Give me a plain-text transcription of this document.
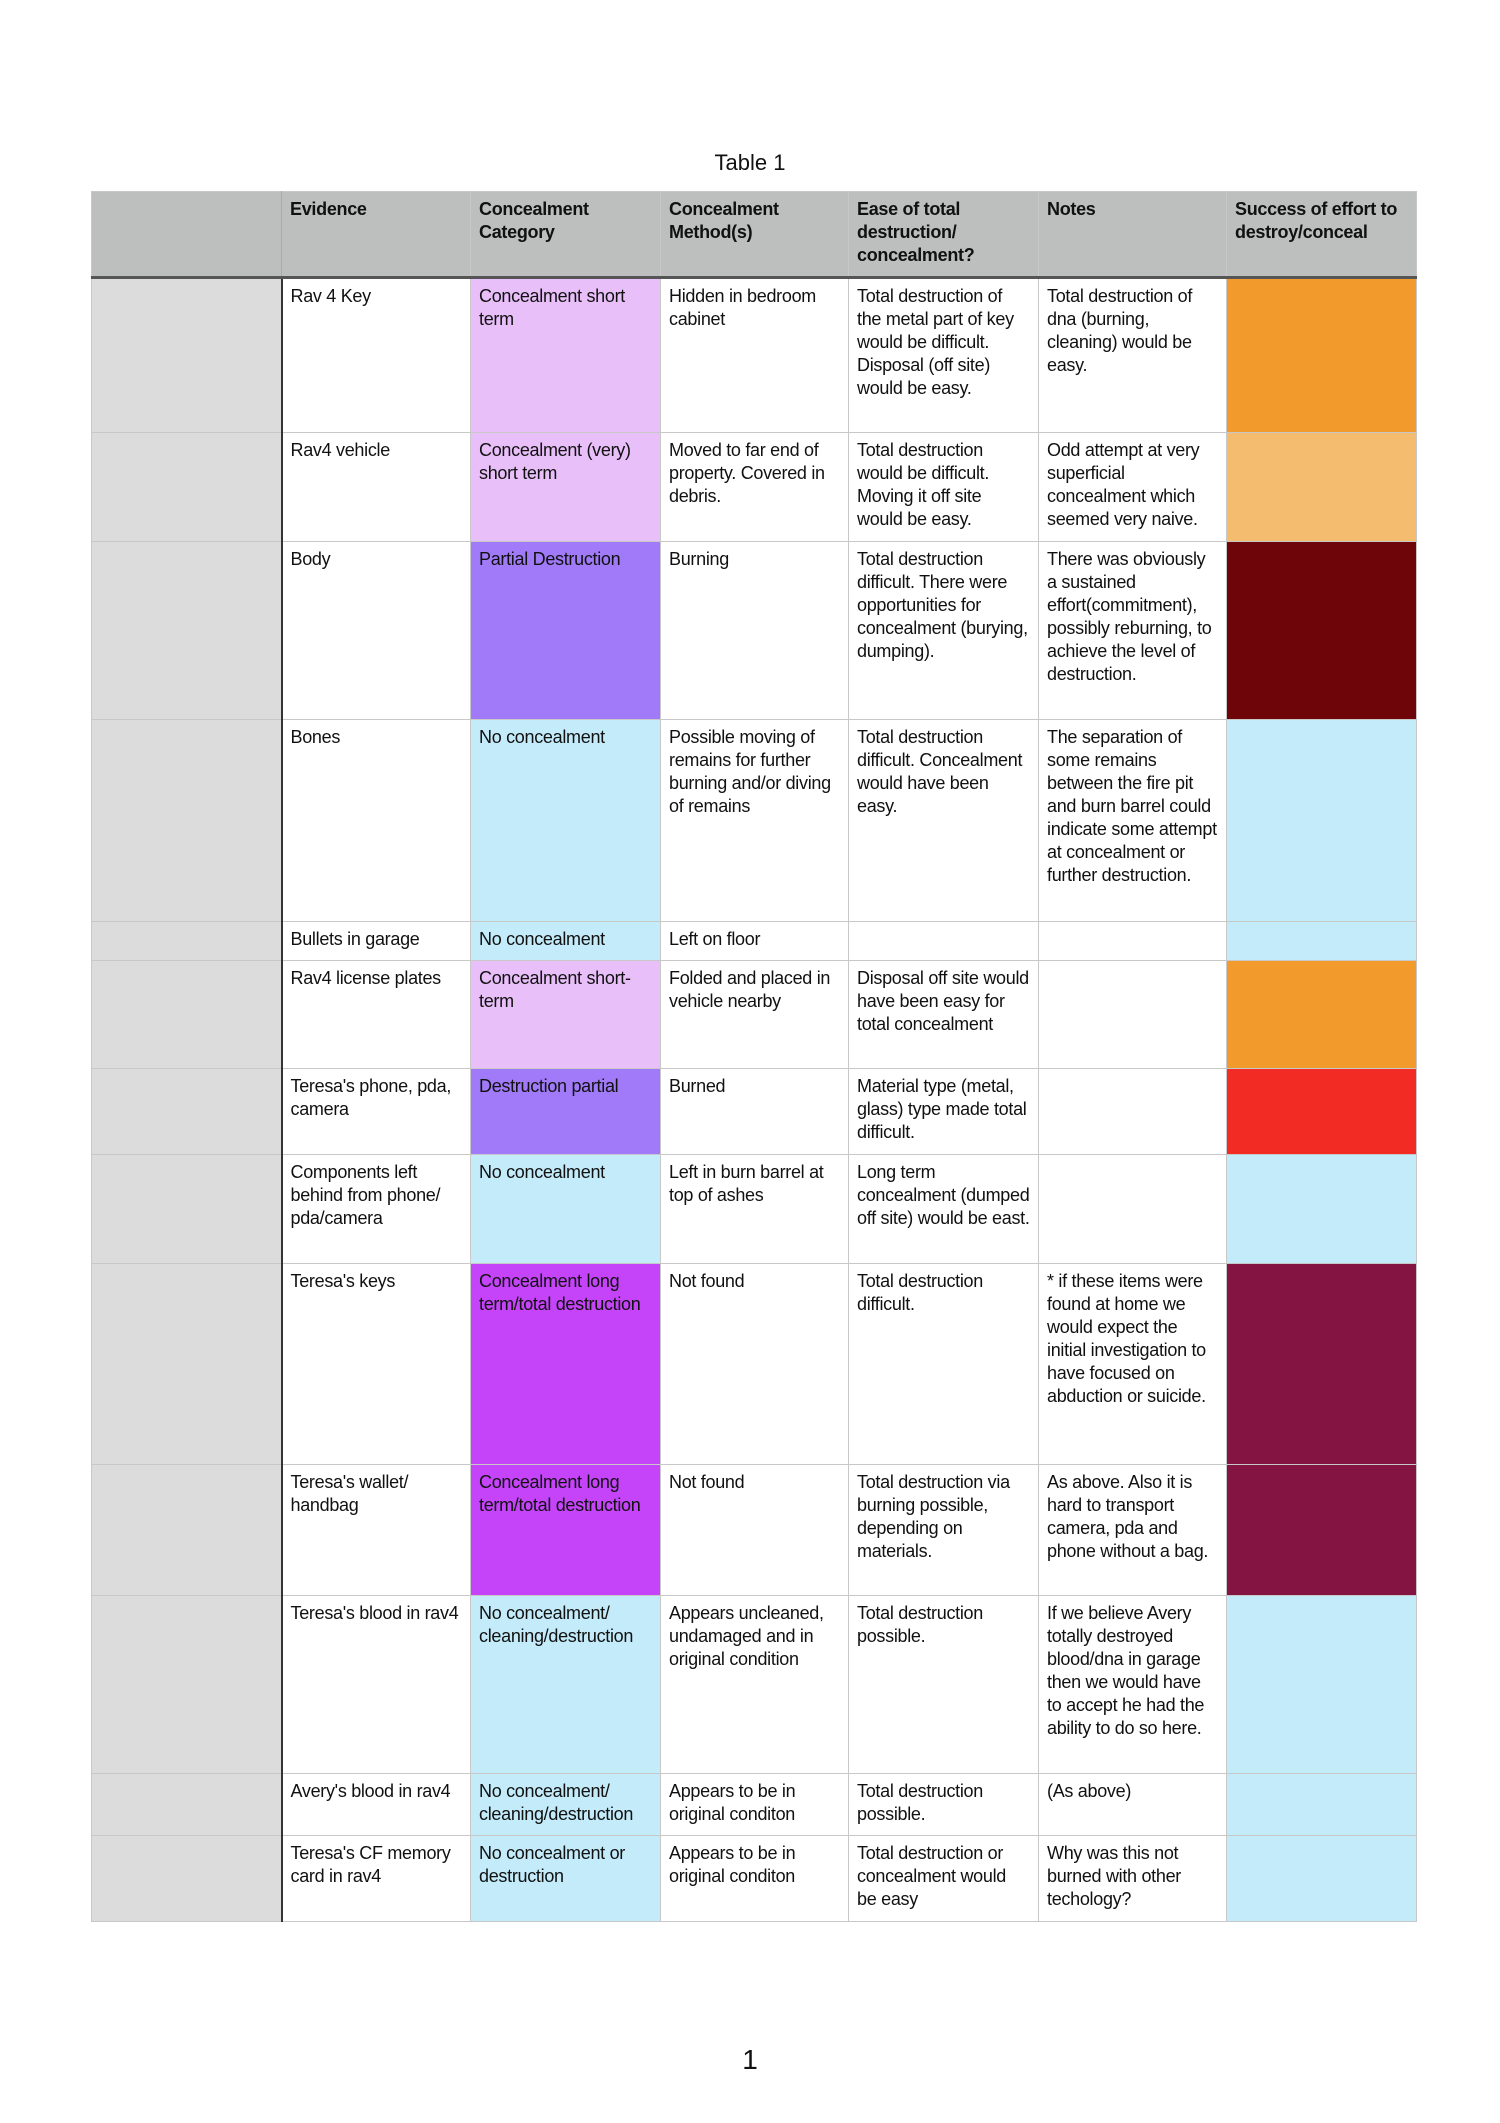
Table 1
	Evidence	Concealment Category	Concealment Method(s)	Ease of total destruction/ concealment?	Notes	Success of effort to destroy/conceal
	Rav 4 Key	Concealment short term	Hidden in bedroom cabinet	Total destruction of the metal part of key would be difficult. Disposal (off site) would be easy.	Total destruction of dna (burning, cleaning) would be easy.	
	Rav4 vehicle	Concealment (very) short term	Moved to far end of property. Covered in debris.	Total destruction would be difficult. Moving it off site would be easy.	Odd attempt at very superficial concealment which seemed very naive.	
	Body	Partial Destruction	Burning	Total destruction difficult. There were opportunities for concealment (burying, dumping).	There was obviously a sustained effort(commitment), possibly reburning, to achieve the level of destruction.	
	Bones	No concealment	Possible moving of remains for further burning and/or diving of remains	Total destruction difficult. Concealment would have been easy.	The separation of some remains between the fire pit and burn barrel could indicate some attempt at concealment or further destruction.	
	Bullets in garage	No concealment	Left on floor			
	Rav4 license plates	Concealment short-term	Folded and placed in vehicle nearby	Disposal off site would have been easy for total concealment		
	Teresa's phone, pda, camera	Destruction partial	Burned	Material type (metal, glass) type made total difficult.		
	Components left behind from phone/ pda/camera	No concealment	Left in burn barrel at top of ashes	Long term concealment (dumped off site) would be east.		
	Teresa's keys	Concealment long term/total destruction	Not found	Total destruction difficult.	* if these items were found at home we would expect the initial investigation to have focused on abduction or suicide.	
	Teresa's wallet/ handbag	Concealment long term/total destruction	Not found	Total destruction via burning possible, depending on materials.	As above. Also it is hard to transport camera, pda and phone without a bag.	
	Teresa's blood in rav4	No concealment/ cleaning/destruction	Appears uncleaned, undamaged and in original condition	Total destruction possible.	If we believe Avery totally destroyed blood/dna in garage then we would have to accept he had the ability to do so here.	
	Avery's blood in rav4	No concealment/ cleaning/destruction	Appears to be in original conditon	Total destruction possible.	(As above)	
	Teresa's CF memory card in rav4	No concealment or destruction	Appears to be in original conditon	Total destruction or concealment would be easy	Why was this not burned with other techology?	
1
